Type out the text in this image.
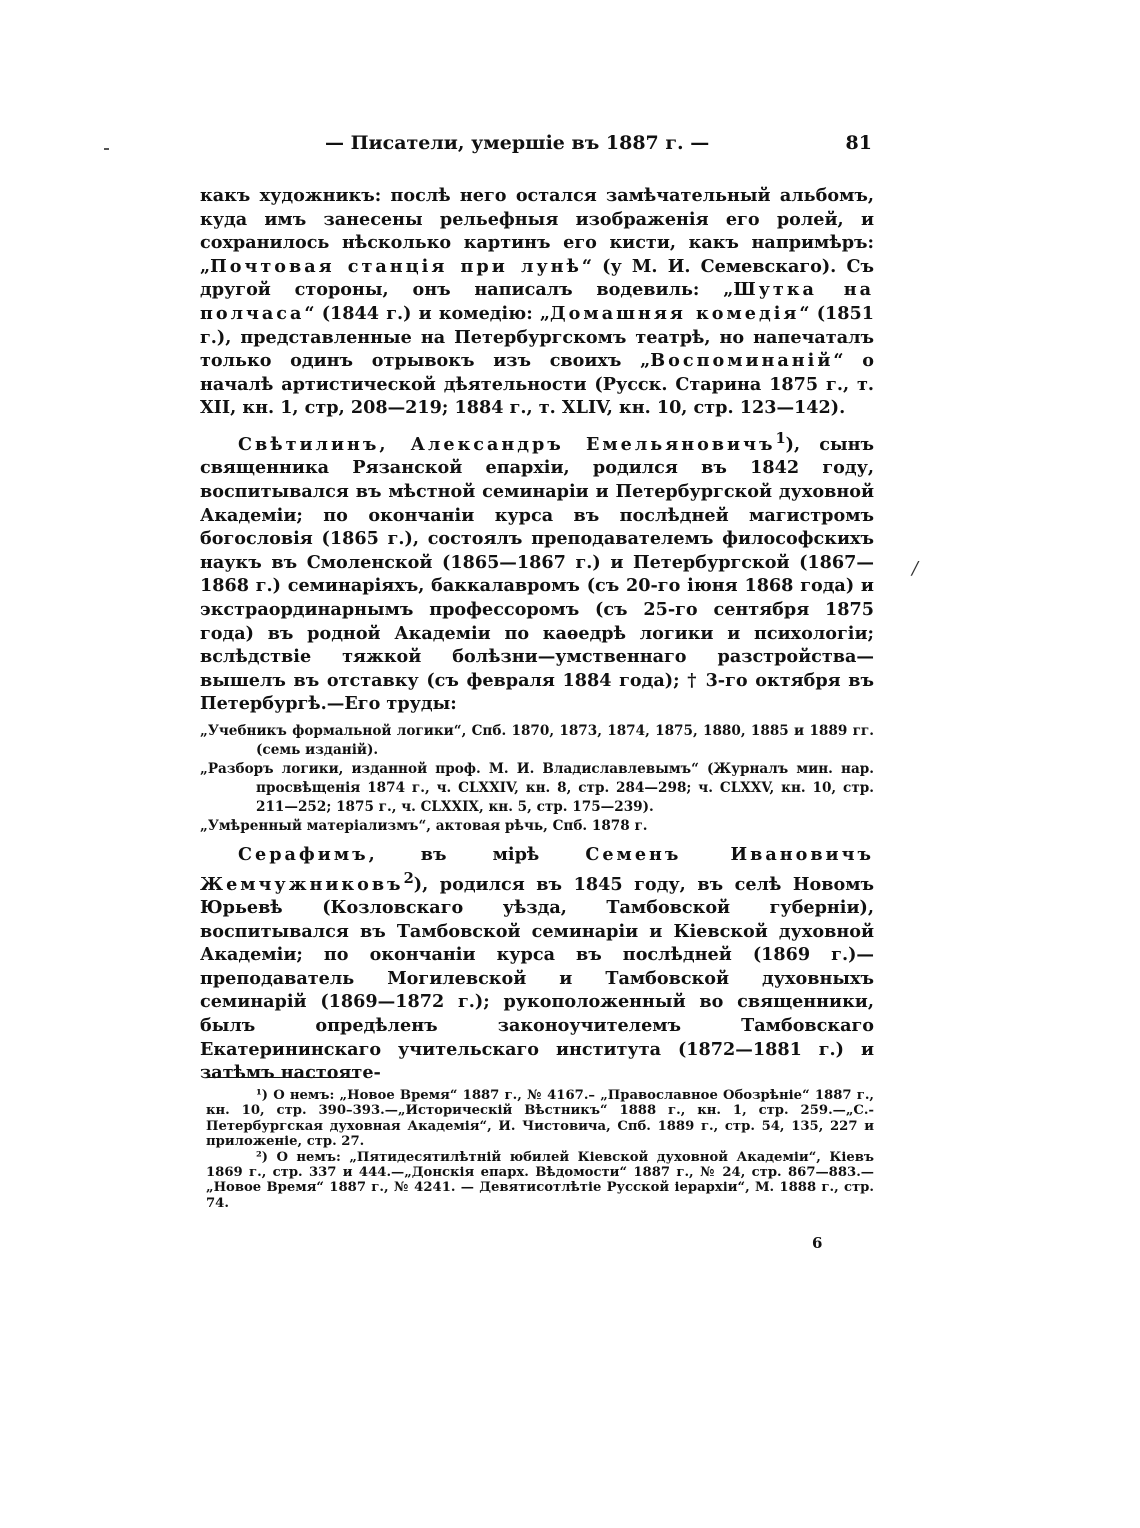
— Писатели, умершіе въ 1887 г. —	81

какъ художникъ: послѣ него остался замѣчательный альбомъ, куда имъ занесены рельефныя изображенія его ролей, и сохранилось нѣсколько картинъ его кисти, какъ напримѣръ: „Почтовая станція при лунѣ“ (у М. И. Семевскаго). Съ другой стороны, онъ написалъ водевиль: „Шутка на полчаса“ (1844 г.) и комедію: „Домашняя комедія“ (1851 г.), представленные на Петербургскомъ театрѣ, но напечаталъ только одинъ отрывокъ изъ своихъ „Воспоминаній“ о началѣ артистической дѣятельности (Русск. Старина 1875 г., т. XII, кн. 1, стр, 208—219; 1884 г., т. XLIV, кн. 10, стр. 123—142).

Свѣтилинъ, Александръ Емельяновичъ$^1$), сынъ священника Рязанской епархіи, родился въ 1842 году, воспитывался въ мѣстной семинаріи и Петербургской духовной Академіи; по окончаніи курса въ послѣдней магистромъ богословія (1865 г.), состоялъ преподавателемъ философскихъ наукъ въ Смоленской (1865—1867 г.) и Петербургской (1867—1868 г.) семинаріяхъ, баккалавромъ (съ 20-го іюня 1868 года) и экстраординарнымъ профессоромъ (съ 25-го сентября 1875 года) въ родной Академіи по каѳедрѣ логики и психологіи; вслѣдствіе тяжкой болѣзни—умственнаго разстройства—вышелъ въ отставку (съ февраля 1884 года); † 3-го октября въ Петербургѣ.—Его труды:

„Учебникъ формальной логики“, Спб. 1870, 1873, 1874, 1875, 1880, 1885 и 1889 гг. (семь изданій).

„Разборъ логики, изданной проф. М. И. Владиславлевымъ“ (Журналъ мин. нар. просвѣщенія 1874 г., ч. CLXXIV, кн. 8, стр. 284—298; ч. CLXXV, кн. 10, стр. 211—252; 1875 г., ч. CLXXIX, кн. 5, стр. 175—239).

„Умѣренный матеріализмъ“, актовая рѣчь, Спб. 1878 г.

Серафимъ, въ мірѣ Семенъ Ивановичъ Жемчужниковъ$^2$), родился въ 1845 году, въ селѣ Новомъ Юрьевѣ (Козловскаго уѣзда, Тамбовской губерніи), воспитывался въ Тамбовской семинаріи и Кіевской духовной Академіи; по окончаніи курса въ послѣдней (1869 г.)—преподаватель Могилевской и Тамбовской духовныхъ семинарій (1869—1872 г.); рукоположенный во священники, былъ опредѣленъ законоучителемъ Тамбовскаго Екатерининскаго учительскаго института (1872—1881 г.) и затѣмъ настояте-

/

¹) О немъ: „Новое Время“ 1887 г., № 4167.– „Православное Обозрѣніе“ 1887 г., кн. 10, стр. 390–393.—„Историческій Вѣстникъ“ 1888 г., кн. 1, стр. 259.—„С.-Петербургская духовная Академія“, И. Чистовича, Спб. 1889 г., стр. 54, 135, 227 и приложеніе, стр. 27.

²) О немъ: „Пятидесятилѣтній юбилей Кіевской духовной Академіи“, Кіевъ 1869 г., стр. 337 и 444.—„Донскія епарх. Вѣдомости“ 1887 г., № 24, стр. 867—883.—„Новое Время“ 1887 г., № 4241. — Девятисотлѣтіе Русской іерархіи“, М. 1888 г., стр. 74.

6
